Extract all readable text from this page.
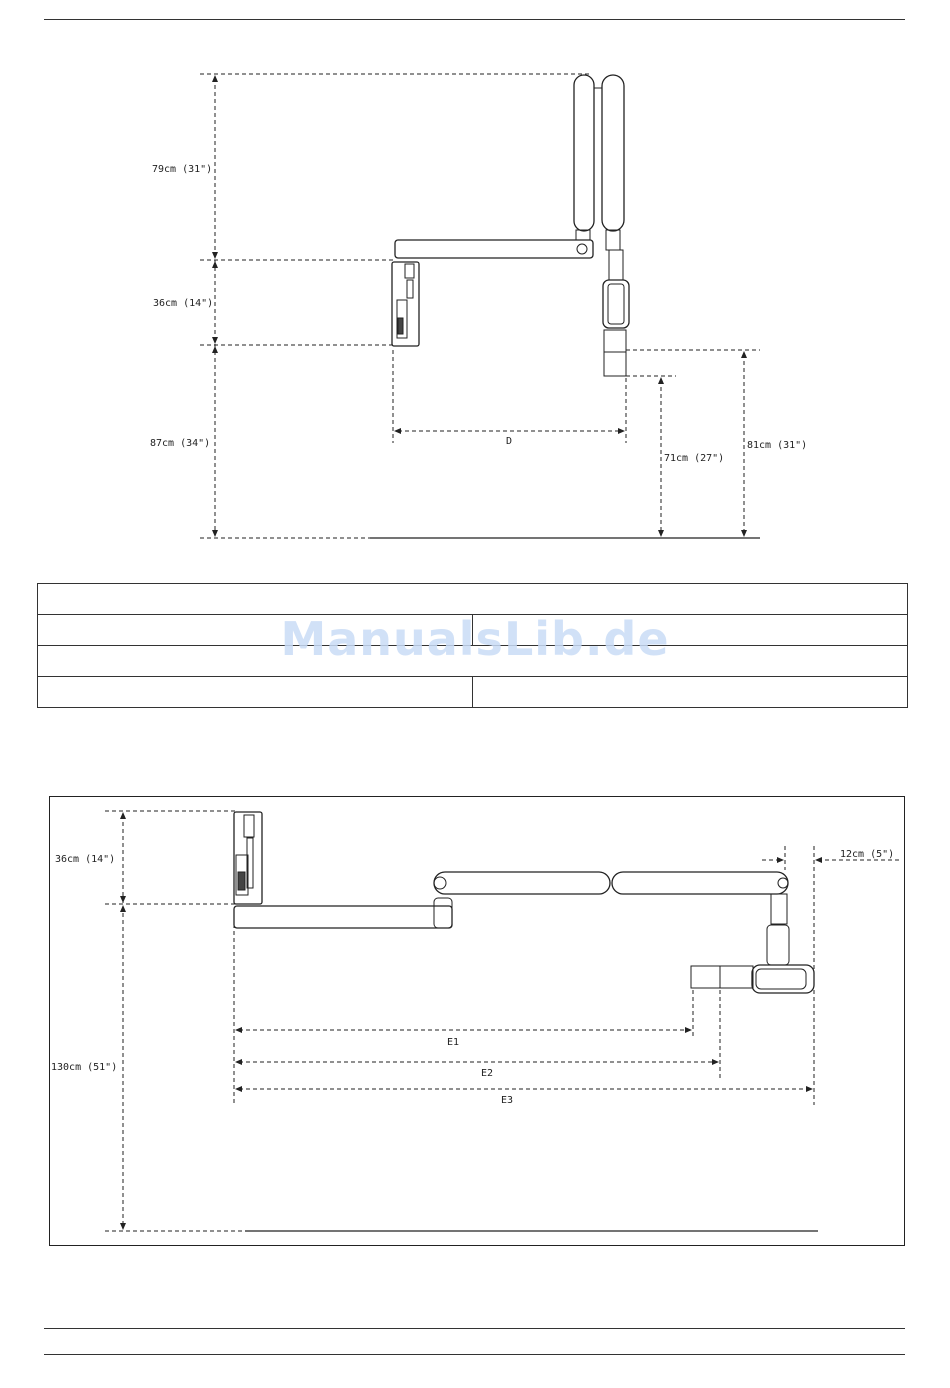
79cm (31")
36cm (14")
87cm (34")	D
71cm (27")
81cm (31")

ManualsLib.de
36cm (14")
130cm (51")
12cm (5")
E1
E2
E3
